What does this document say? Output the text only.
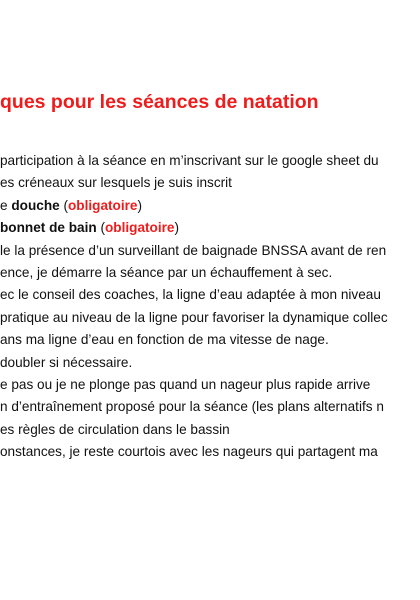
ques pour les séances de natation
participation à la séance en m’inscrivant sur le google sheet du
es créneaux sur lesquels je suis inscrit
e douche (obligatoire)
bonnet de bain (obligatoire)
le la présence d’un surveillant de baignade BNSSA avant de ren
ence, je démarre la séance par un échauffement à sec.
ec le conseil des coaches, la ligne d’eau adaptée à mon niveau
pratique au niveau de la ligne pour favoriser la dynamique collec
ans ma ligne d’eau en fonction de ma vitesse de nage.
doubler si nécessaire.
e pas ou je ne plonge pas quand un nageur plus rapide arrive
n d’entraînement proposé pour la séance (les plans alternatifs n
es règles de circulation dans le bassin
onstances, je reste courtois avec les nageurs qui partagent ma
